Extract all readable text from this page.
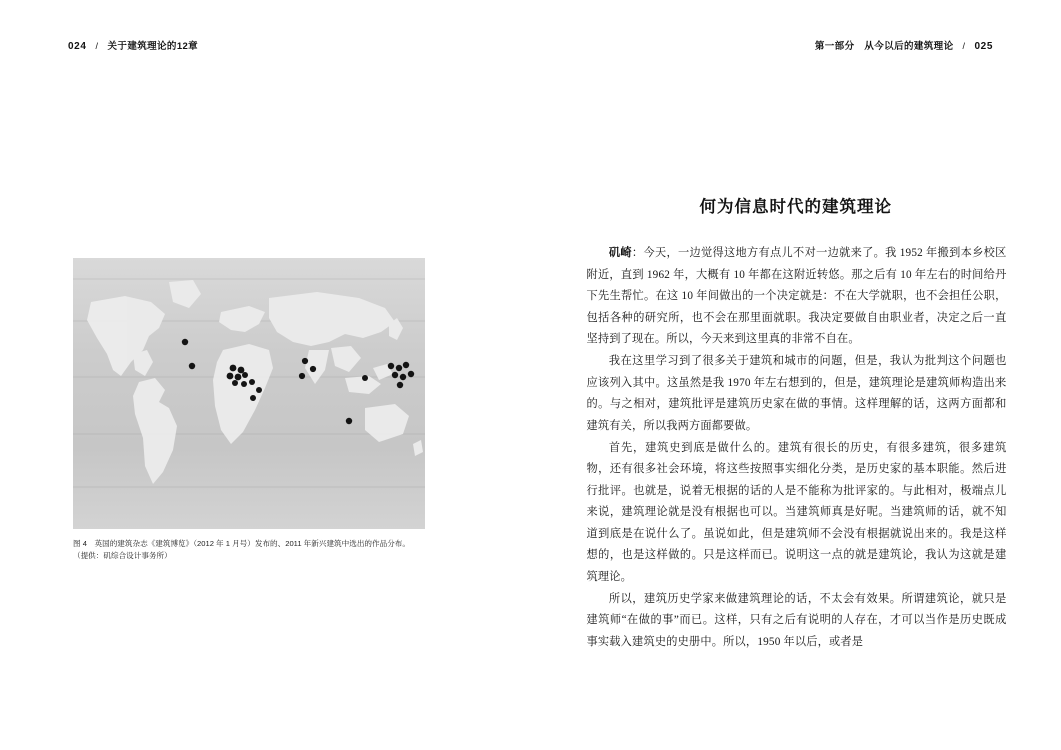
024 / 关于建筑理论的12章
图 4　英国的建筑杂志《建筑博览》（2012 年 1 月号）发布的、2011 年新兴建筑中选出的作品分布。
（提供：矶综合设计事务所）
第一部分　从今以后的建筑理论 / 025
何为信息时代的建筑理论

矶崎：今天，一边觉得这地方有点儿不对一边就来了。我 1952 年搬到本乡校区附近，直到 1962 年，大概有 10 年都在这附近转悠。那之后有 10 年左右的时间给丹下先生帮忙。在这 10 年间做出的一个决定就是：不在大学就职，也不会担任公职，包括各种的研究所，也不会在那里面就职。我决定要做自由职业者，决定之后一直坚持到了现在。所以，今天来到这里真的非常不自在。

我在这里学习到了很多关于建筑和城市的问题，但是，我认为批判这个问题也应该列入其中。这虽然是我 1970 年左右想到的，但是，建筑理论是建筑师构造出来的。与之相对，建筑批评是建筑历史家在做的事情。这样理解的话，这两方面都和建筑有关，所以我两方面都要做。

首先，建筑史到底是做什么的。建筑有很长的历史，有很多建筑，很多建筑物，还有很多社会环境，将这些按照事实细化分类，是历史家的基本职能。然后进行批评。也就是，说着无根据的话的人是不能称为批评家的。与此相对，极端点儿来说，建筑理论就是没有根据也可以。当建筑师真是好呢。当建筑师的话，就不知道到底是在说什么了。虽说如此，但是建筑师不会没有根据就说出来的。我是这样想的，也是这样做的。只是这样而已。说明这一点的就是建筑论，我认为这就是建筑理论。

所以，建筑历史学家来做建筑理论的话，不太会有效果。所谓建筑论，就只是建筑师“在做的事”而已。这样，只有之后有说明的人存在，才可以当作是历史既成事实载入建筑史的史册中。所以，1950 年以后，或者是
